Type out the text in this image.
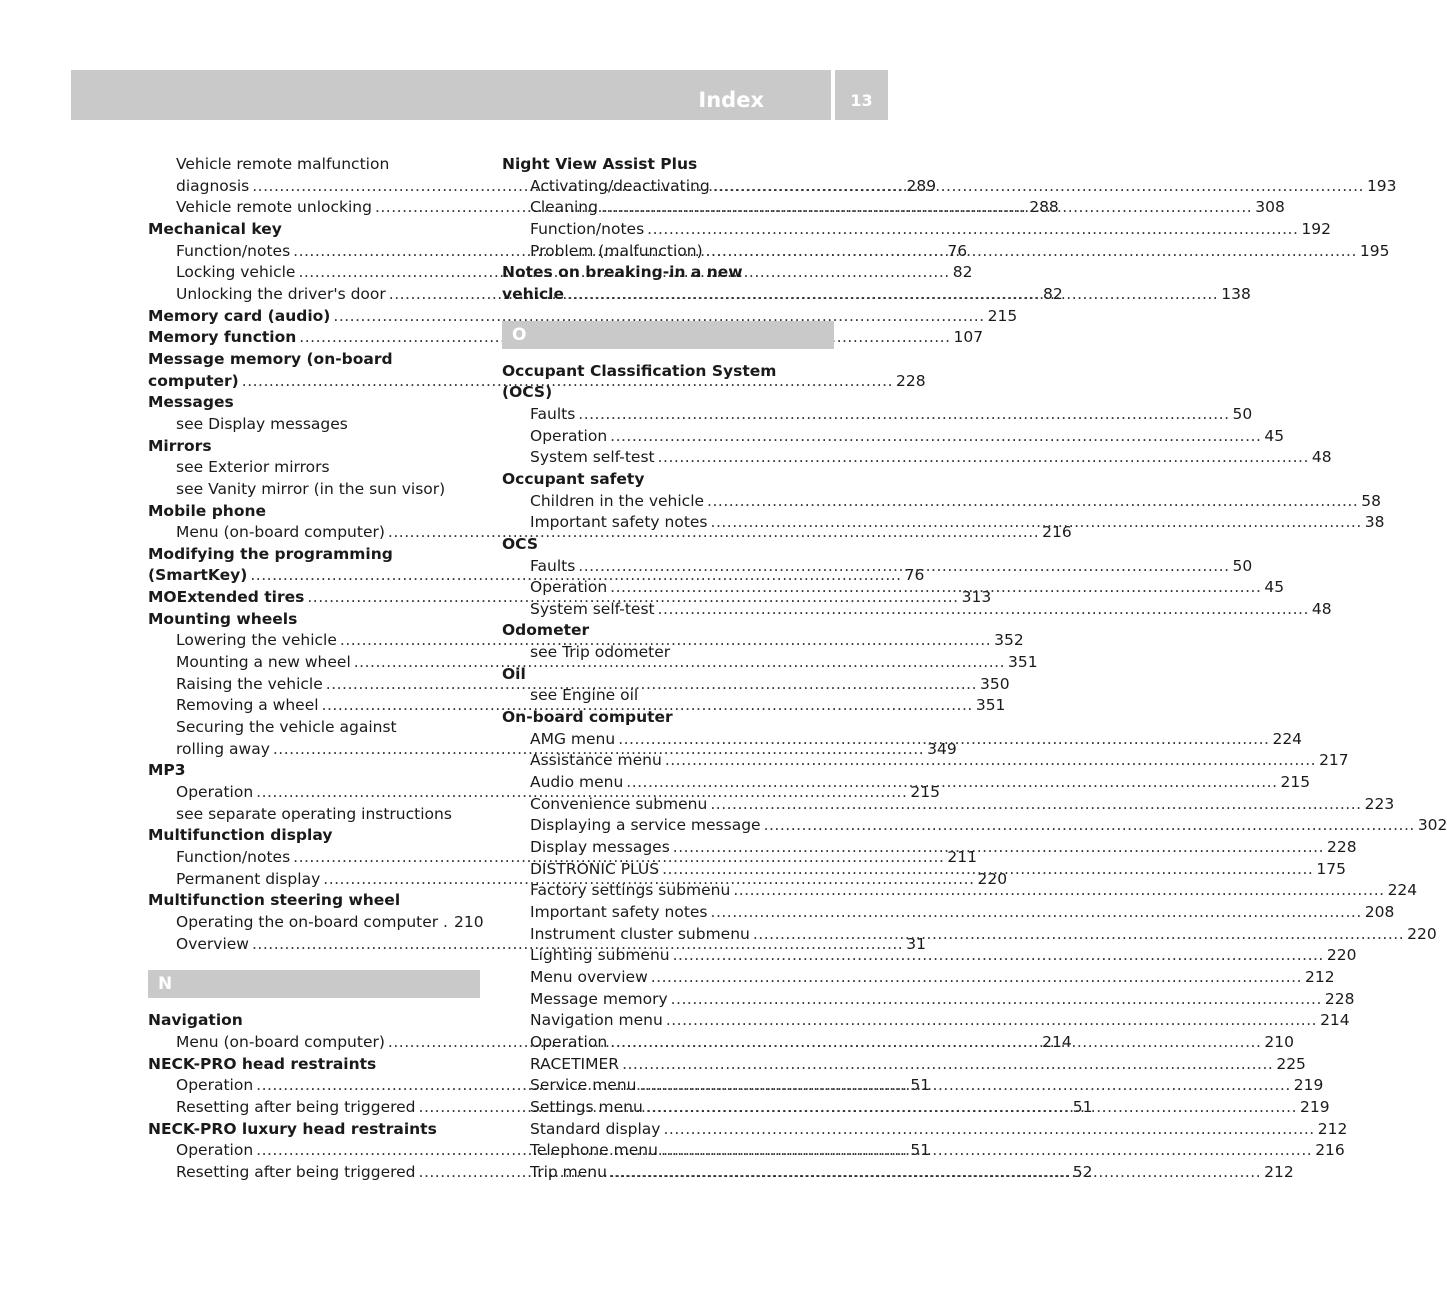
Index	13
Vehicle remote malfunction
diagnosis .....	289
Vehicle remote unlocking .....	288
Mechanical key
Function/notes .....	76
Locking vehicle .....	82
Unlocking the driver's door .....	82
Memory card (audio) .....	215
Memory function .....	107
Message memory (on-board
computer) .....	228
Messages
see Display messages
Mirrors
see Exterior mirrors
see Vanity mirror (in the sun visor)
Mobile phone
Menu (on-board computer) .....	216
Modifying the programming
(SmartKey) .....	76
MOExtended tires .....	313
Mounting wheels
Lowering the vehicle .....	352
Mounting a new wheel .....	351
Raising the vehicle .....	350
Removing a wheel .....	351
Securing the vehicle against
rolling away .....	349
MP3
Operation .....	215
see separate operating instructions
Multifunction display
Function/notes .....	211
Permanent display .....	220
Multifunction steering wheel
Operating the on-board computer . 210
Overview .....	31
N
Navigation
Menu (on-board computer) .....	214
NECK-PRO head restraints
Operation .....	51
Resetting after being triggered .....	51
NECK-PRO luxury head restraints
Operation .....	51
Resetting after being triggered .....	52
Night View Assist Plus
Activating/deactivating .....	193
Cleaning .....	308
Function/notes .....	192
Problem (malfunction) .....	195
Notes on breaking-in a new
vehicle .....	138
O
Occupant Classification System
(OCS)
Faults .....	50
Operation .....	45
System self-test .....	48
Occupant safety
Children in the vehicle .....	58
Important safety notes .....	38
OCS
Faults .....	50
Operation .....	45
System self-test .....	48
Odometer
see Trip odometer
Oil
see Engine oil
On-board computer
AMG menu .....	224
Assistance menu .....	217
Audio menu .....	215
Convenience submenu .....	223
Displaying a service message .....	302
Display messages .....	228
DISTRONIC PLUS .....	175
Factory settings submenu .....	224
Important safety notes .....	208
Instrument cluster submenu .....	220
Lighting submenu .....	220
Menu overview .....	212
Message memory .....	228
Navigation menu .....	214
Operation .....	210
RACETIMER .....	225
Service menu .....	219
Settings menu .....	219
Standard display .....	212
Telephone menu .....	216
Trip menu .....	212
